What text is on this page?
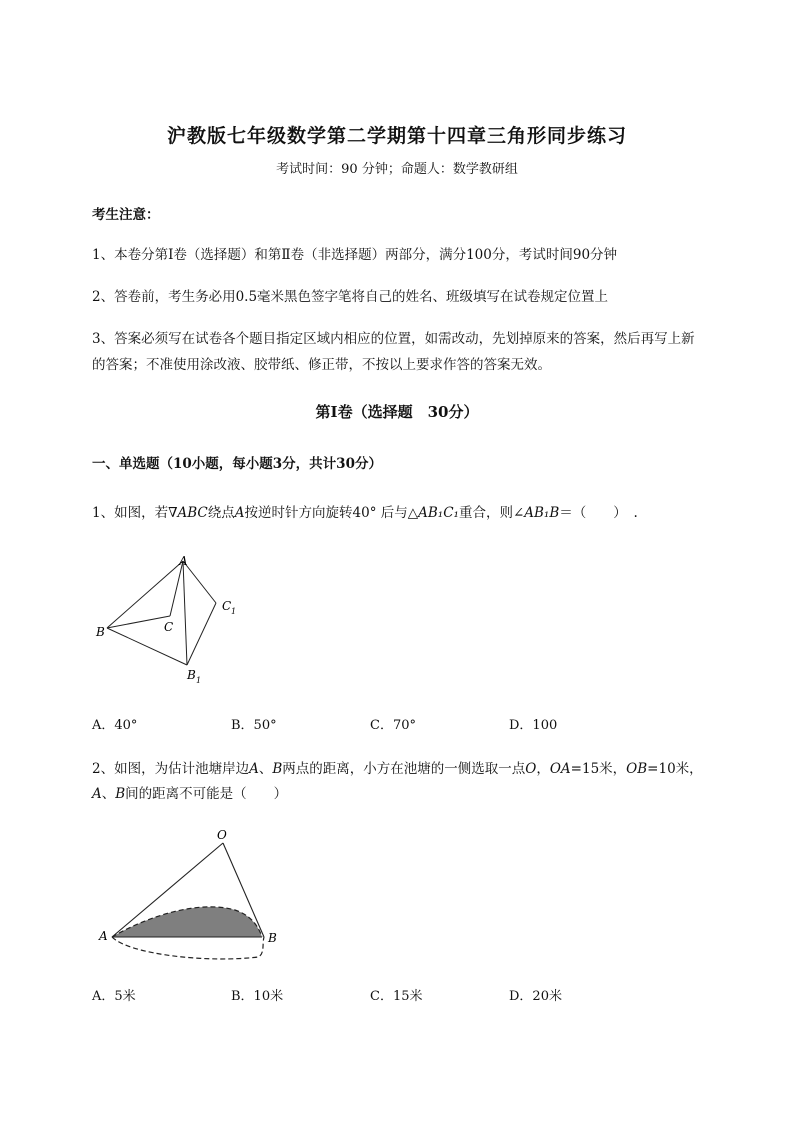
沪教版七年级数学第二学期第十四章三角形同步练习
考试时间：90 分钟；命题人：数学教研组
考生注意：
1、本卷分第Ⅰ卷（选择题）和第Ⅱ卷（非选择题）两部分，满分100分，考试时间90分钟
2、答卷前，考生务必用0.5毫米黑色签字笔将自己的姓名、班级填写在试卷规定位置上
3、答案必须写在试卷各个题目指定区域内相应的位置，如需改动，先划掉原来的答案，然后再写上新
的答案；不准使用涂改液、胶带纸、修正带，不按以上要求作答的答案无效。
第Ⅰ卷（选择题　30分）
一、单选题（10小题，每小题3分，共计30分）
1、如图，若∇ABC绕点A按逆时针方向旋转40° 后与△AB₁C₁重合，则∠AB₁B＝（　　）　.
A
B	C
C 1
B 1
A．40°	B．50°	C．70°	D．100
2、如图，为估计池塘岸边A、B两点的距离，小方在池塘的一侧选取一点O，OA=15米，OB=10米，
A、B间的距离不可能是（　　）
O
A	B
A．5米	B．10米	C．15米	D．20米
